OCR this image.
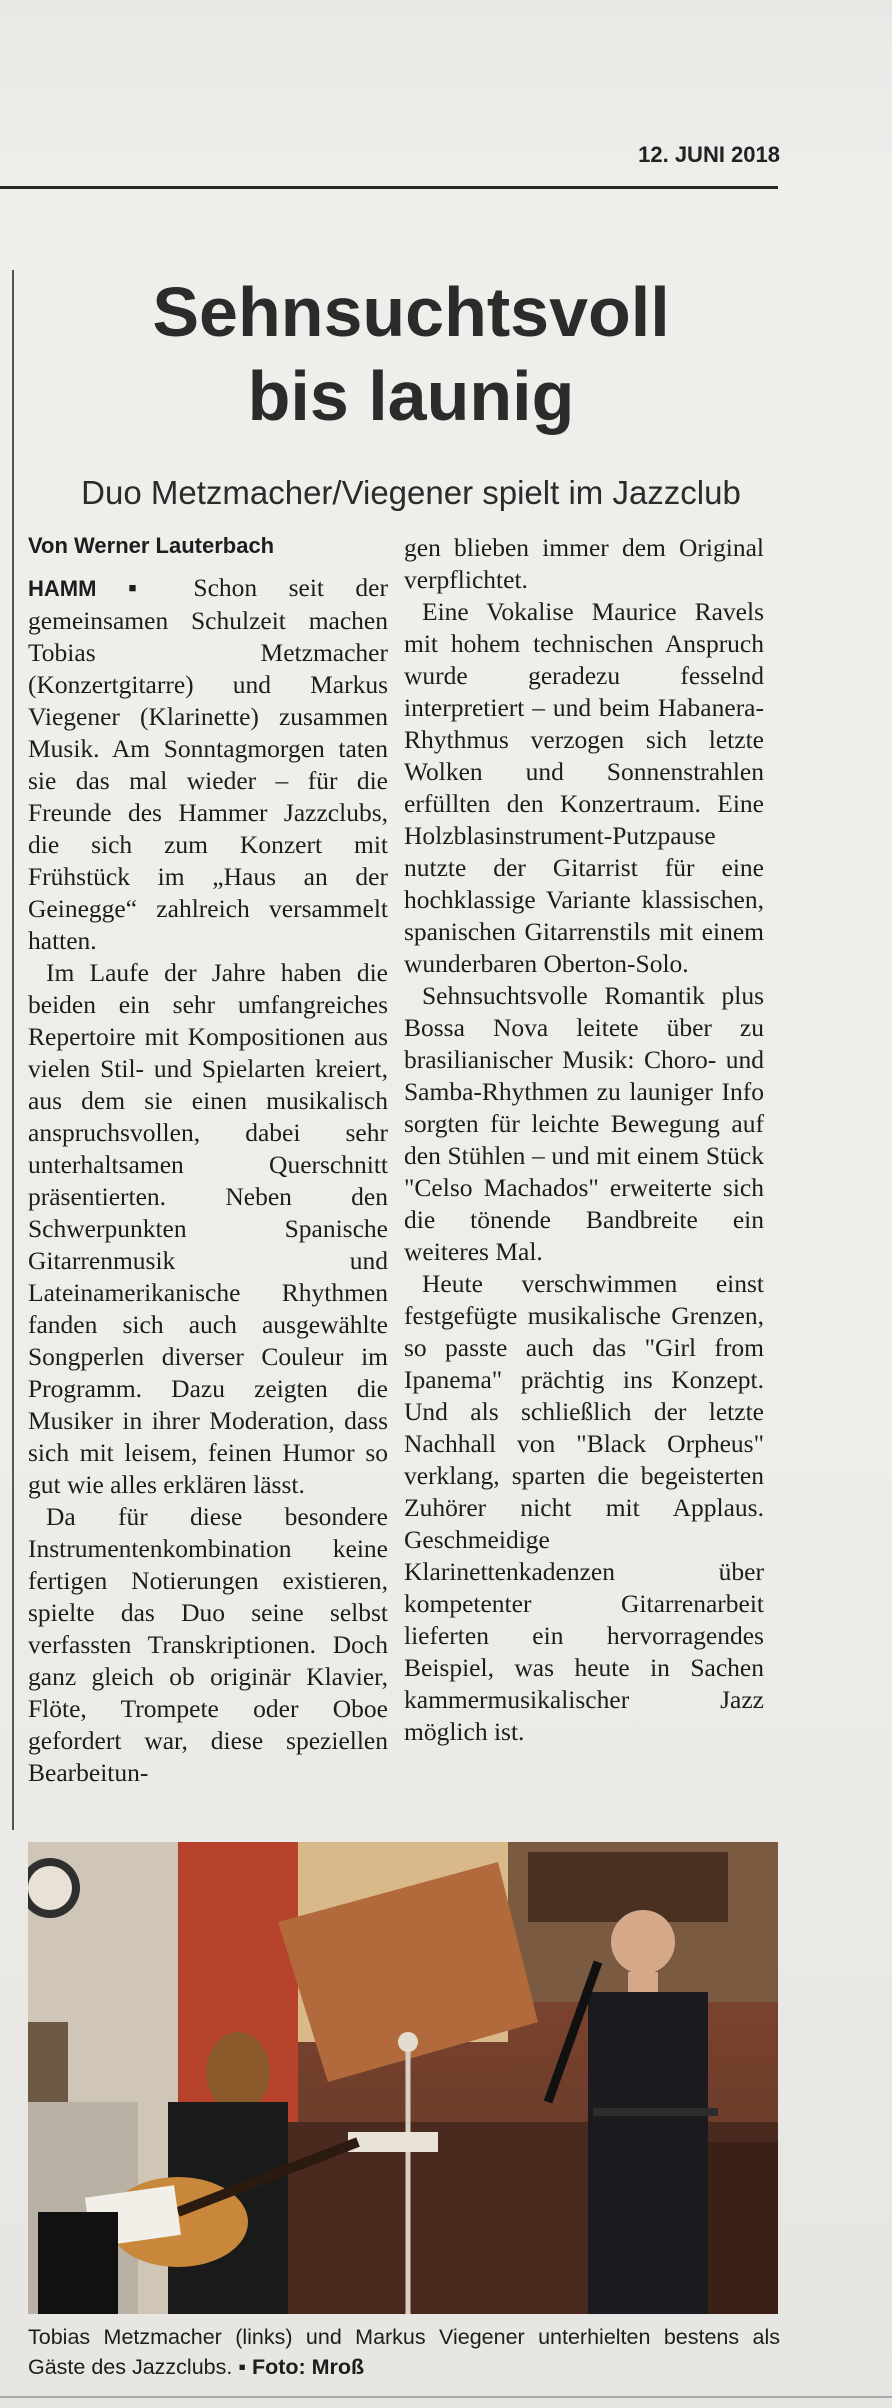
12. JUNI 2018
Sehnsuchtsvoll
bis launig
Duo Metzmacher/Viegener spielt im Jazzclub
Von Werner Lauterbach

HAMM ▪ Schon seit der gemeinsamen Schulzeit machen Tobias Metzmacher (Konzertgitarre) und Markus Viegener (Klarinette) zusammen Musik. Am Sonntagmorgen taten sie das mal wieder – für die Freunde des Hammer Jazzclubs, die sich zum Konzert mit Frühstück im „Haus an der Geinegge“ zahlreich versammelt hatten.

Im Laufe der Jahre haben die beiden ein sehr umfangreiches Repertoire mit Kompositionen aus vielen Stil- und Spielarten kreiert, aus dem sie einen musikalisch anspruchsvollen, dabei sehr unterhaltsamen Querschnitt präsentierten. Neben den Schwerpunkten Spanische Gitarrenmusik und Lateinamerikanische Rhythmen fanden sich auch ausgewählte Songperlen diverser Couleur im Programm. Dazu zeigten die Musiker in ihrer Moderation, dass sich mit leisem, feinen Humor so gut wie alles erklären lässt.

Da für diese besondere Instrumentenkombination keine fertigen Notierungen existieren, spielte das Duo seine selbst verfassten Transkriptionen. Doch ganz gleich ob originär Klavier, Flöte, Trompete oder Oboe gefordert war, diese speziellen Bearbeitun-

gen blieben immer dem Original verpflichtet.

Eine Vokalise Maurice Ravels mit hohem technischen Anspruch wurde geradezu fesselnd interpretiert – und beim Habanera-Rhythmus verzogen sich letzte Wolken und Sonnenstrahlen erfüllten den Konzertraum. Eine Holzblasinstrument-Putzpause nutzte der Gitarrist für eine hochklassige Variante klassischen, spanischen Gitarrenstils mit einem wunderbaren Oberton-Solo.

Sehnsuchtsvolle Romantik plus Bossa Nova leitete über zu brasilianischer Musik: Choro- und Samba-Rhythmen zu launiger Info sorgten für leichte Bewegung auf den Stühlen – und mit einem Stück "Celso Machados" erweiterte sich die tönende Bandbreite ein weiteres Mal.

Heute verschwimmen einst festgefügte musikalische Grenzen, so passte auch das "Girl from Ipanema" prächtig ins Konzept. Und als schließlich der letzte Nachhall von "Black Orpheus" verklang, sparten die begeisterten Zuhörer nicht mit Applaus. Geschmeidige Klarinettenkadenzen über kompetenter Gitarrenarbeit lieferten ein hervorragendes Beispiel, was heute in Sachen kammermusikalischer Jazz möglich ist.

Tobias Metzmacher (links) und Markus Viegener unterhielten bestens als Gäste des Jazzclubs. ▪ Foto: Mroß
